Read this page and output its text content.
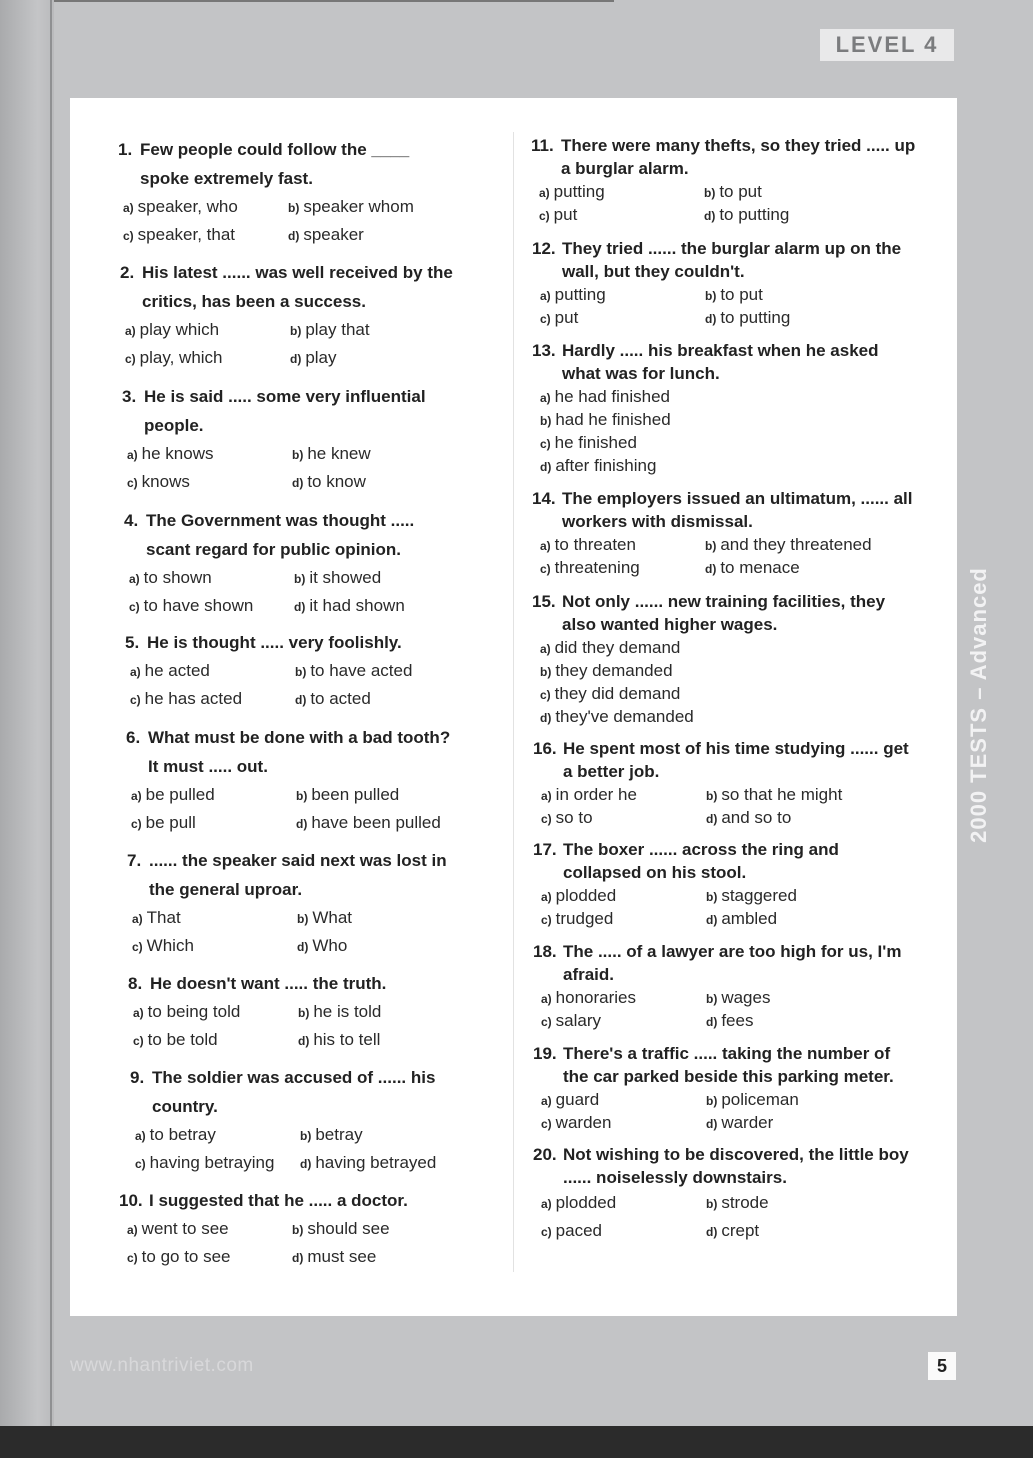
LEVEL 4
2000 TESTS – Advanced
1. Few people could follow the ____ spoke extremely fast.
a) speaker, who	b) speaker whom
c) speaker, that	d) speaker
2. His latest ...... was well received by the critics, has been a success.
a) play which	b) play that
c) play, which	d) play
3. He is said ..... some very influential people.
a) he knows	b) he knew
c) knows	d) to know
4. The Government was thought ..... scant regard for public opinion.
a) to shown	b) it showed
c) to have shown	d) it had shown
5. He is thought ..... very foolishly.
a) he acted	b) to have acted
c) he has acted	d) to acted
6. What must be done with a bad tooth? It must ..... out.
a) be pulled	b) been pulled
c) be pull	d) have been pulled
7. ...... the speaker said next was lost in the general uproar.
a) That	b) What
c) Which	d) Who
8. He doesn't want ..... the truth.
a) to being told	b) he is told
c) to be told	d) his to tell
9. The soldier was accused of ...... his country.
a) to betray	b) betray
c) having betraying	d) having betrayed
10. I suggested that he ..... a doctor.
a) went to see	b) should see
c) to go to see	d) must see
11. There were many thefts, so they tried ..... up a burglar alarm.
a) putting	b) to put
c) put	d) to putting
12. They tried ...... the burglar alarm up on the wall, but they couldn't.
a) putting	b) to put
c) put	d) to putting
13. Hardly ..... his breakfast when he asked what was for lunch.
a) he had finished
b) had he finished
c) he finished
d) after finishing
14. The employers issued an ultimatum, ...... all workers with dismissal.
a) to threaten	b) and they threatened
c) threatening	d) to menace
15. Not only ...... new training facilities, they also wanted higher wages.
a) did they demand
b) they demanded
c) they did demand
d) they've demanded
16. He spent most of his time studying ...... get a better job.
a) in order he	b) so that he might
c) so to	d) and so to
17. The boxer ...... across the ring and collapsed on his stool.
a) plodded	b) staggered
c) trudged	d) ambled
18. The ..... of a lawyer are too high for us, I'm afraid.
a) honoraries	b) wages
c) salary	d) fees
19. There's a traffic ..... taking the number of the car parked beside this parking meter.
a) guard	b) policeman
c) warden	d) warder
20. Not wishing to be discovered, the little boy ...... noiselessly downstairs.
a) plodded	b) strode
c) paced	d) crept
www.nhantriviet.com	5
